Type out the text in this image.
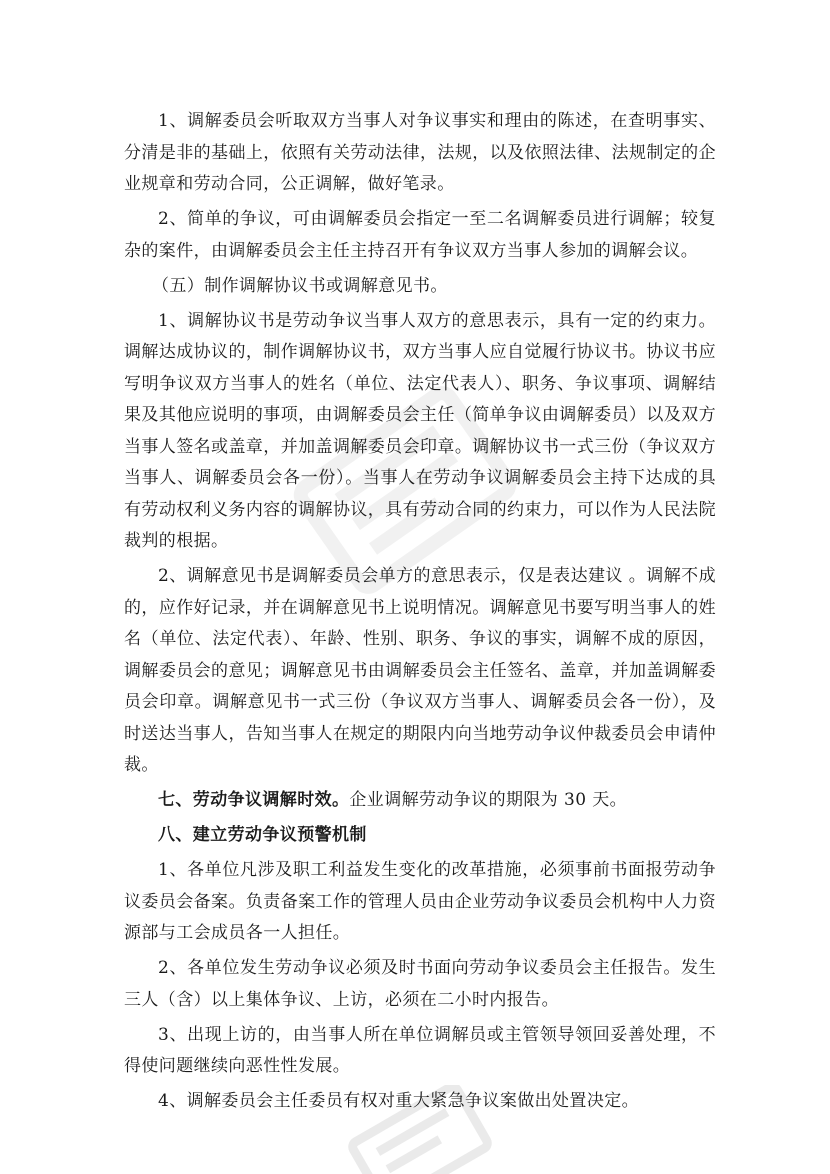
1、调解委员会听取双方当事人对争议事实和理由的陈述，在查明事实、分清是非的基础上，依照有关劳动法律，法规，以及依照法律、法规制定的企业规章和劳动合同，公正调解，做好笔录。

2、简单的争议，可由调解委员会指定一至二名调解委员进行调解；较复杂的案件，由调解委员会主任主持召开有争议双方当事人参加的调解会议。

（五）制作调解协议书或调解意见书。

1、调解协议书是劳动争议当事人双方的意思表示，具有一定的约束力。调解达成协议的，制作调解协议书，双方当事人应自觉履行协议书。协议书应写明争议双方当事人的姓名（单位、法定代表人）、职务、争议事项、调解结果及其他应说明的事项，由调解委员会主任（简单争议由调解委员）以及双方当事人签名或盖章，并加盖调解委员会印章。调解协议书一式三份（争议双方当事人、调解委员会各一份）。当事人在劳动争议调解委员会主持下达成的具有劳动权利义务内容的调解协议，具有劳动合同的约束力，可以作为人民法院裁判的根据。

2、调解意见书是调解委员会单方的意思表示，仅是表达建议 。调解不成的，应作好记录，并在调解意见书上说明情况。调解意见书要写明当事人的姓名（单位、法定代表）、年龄、性别、职务、争议的事实，调解不成的原因，调解委员会的意见；调解意见书由调解委员会主任签名、盖章，并加盖调解委员会印章。调解意见书一式三份（争议双方当事人、调解委员会各一份），及时送达当事人，告知当事人在规定的期限内向当地劳动争议仲裁委员会申请仲裁。

七、劳动争议调解时效。企业调解劳动争议的期限为 30 天。

八、建立劳动争议预警机制

1、各单位凡涉及职工利益发生变化的改革措施，必须事前书面报劳动争议委员会备案。负责备案工作的管理人员由企业劳动争议委员会机构中人力资源部与工会成员各一人担任。

2、各单位发生劳动争议必须及时书面向劳动争议委员会主任报告。发生三人（含）以上集体争议、上访，必须在二小时内报告。

3、出现上访的，由当事人所在单位调解员或主管领导领回妥善处理，不得使问题继续向恶性性发展。

4、调解委员会主任委员有权对重大紧急争议案做出处置决定。
